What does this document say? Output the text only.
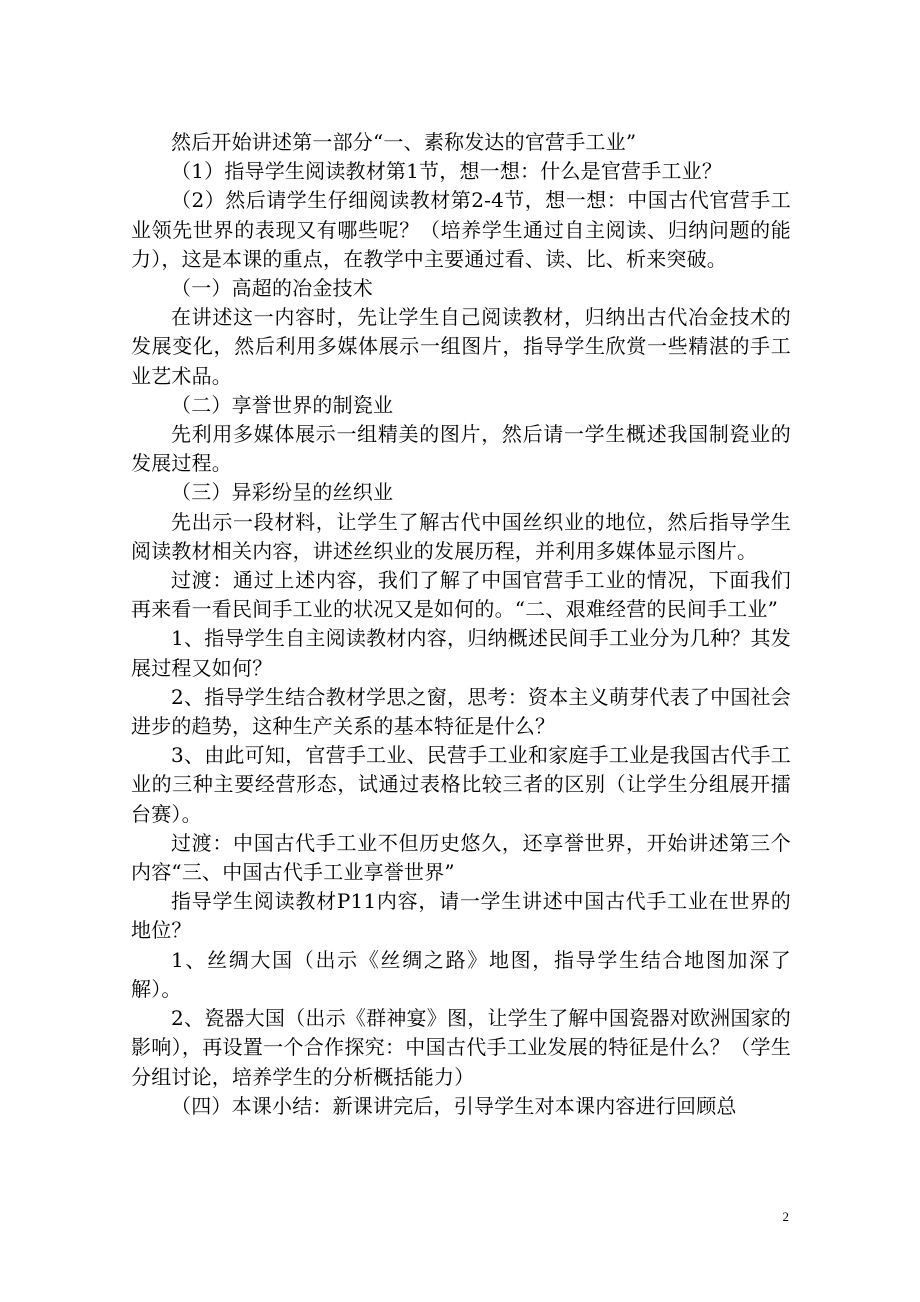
然后开始讲述第一部分“一、素称发达的官营手工业”

（1）指导学生阅读教材第1节，想一想：什么是官营手工业？

（2）然后请学生仔细阅读教材第2-4节，想一想：中国古代官营手工业领先世界的表现又有哪些呢？（培养学生通过自主阅读、归纳问题的能力），这是本课的重点，在教学中主要通过看、读、比、析来突破。

（一）高超的冶金技术

在讲述这一内容时，先让学生自己阅读教材，归纳出古代冶金技术的发展变化，然后利用多媒体展示一组图片，指导学生欣赏一些精湛的手工业艺术品。

（二）享誉世界的制瓷业

先利用多媒体展示一组精美的图片，然后请一学生概述我国制瓷业的发展过程。

（三）异彩纷呈的丝织业

先出示一段材料，让学生了解古代中国丝织业的地位，然后指导学生阅读教材相关内容，讲述丝织业的发展历程，并利用多媒体显示图片。

过渡：通过上述内容，我们了解了中国官营手工业的情况，下面我们再来看一看民间手工业的状况又是如何的。“二、艰难经营的民间手工业”

1、指导学生自主阅读教材内容，归纳概述民间手工业分为几种？其发展过程又如何？

2、指导学生结合教材学思之窗，思考：资本主义萌芽代表了中国社会进步的趋势，这种生产关系的基本特征是什么？

3、由此可知，官营手工业、民营手工业和家庭手工业是我国古代手工业的三种主要经营形态，试通过表格比较三者的区别（让学生分组展开擂台赛）。

过渡：中国古代手工业不但历史悠久，还享誉世界，开始讲述第三个内容“三、中国古代手工业享誉世界”

指导学生阅读教材P11内容，请一学生讲述中国古代手工业在世界的地位？

1、丝绸大国（出示《丝绸之路》地图，指导学生结合地图加深了解）。

2、瓷器大国（出示《群神宴》图，让学生了解中国瓷器对欧洲国家的影响），再设置一个合作探究：中国古代手工业发展的特征是什么？（学生分组讨论，培养学生的分析概括能力）

（四）本课小结：新课讲完后，引导学生对本课内容进行回顾总

2
